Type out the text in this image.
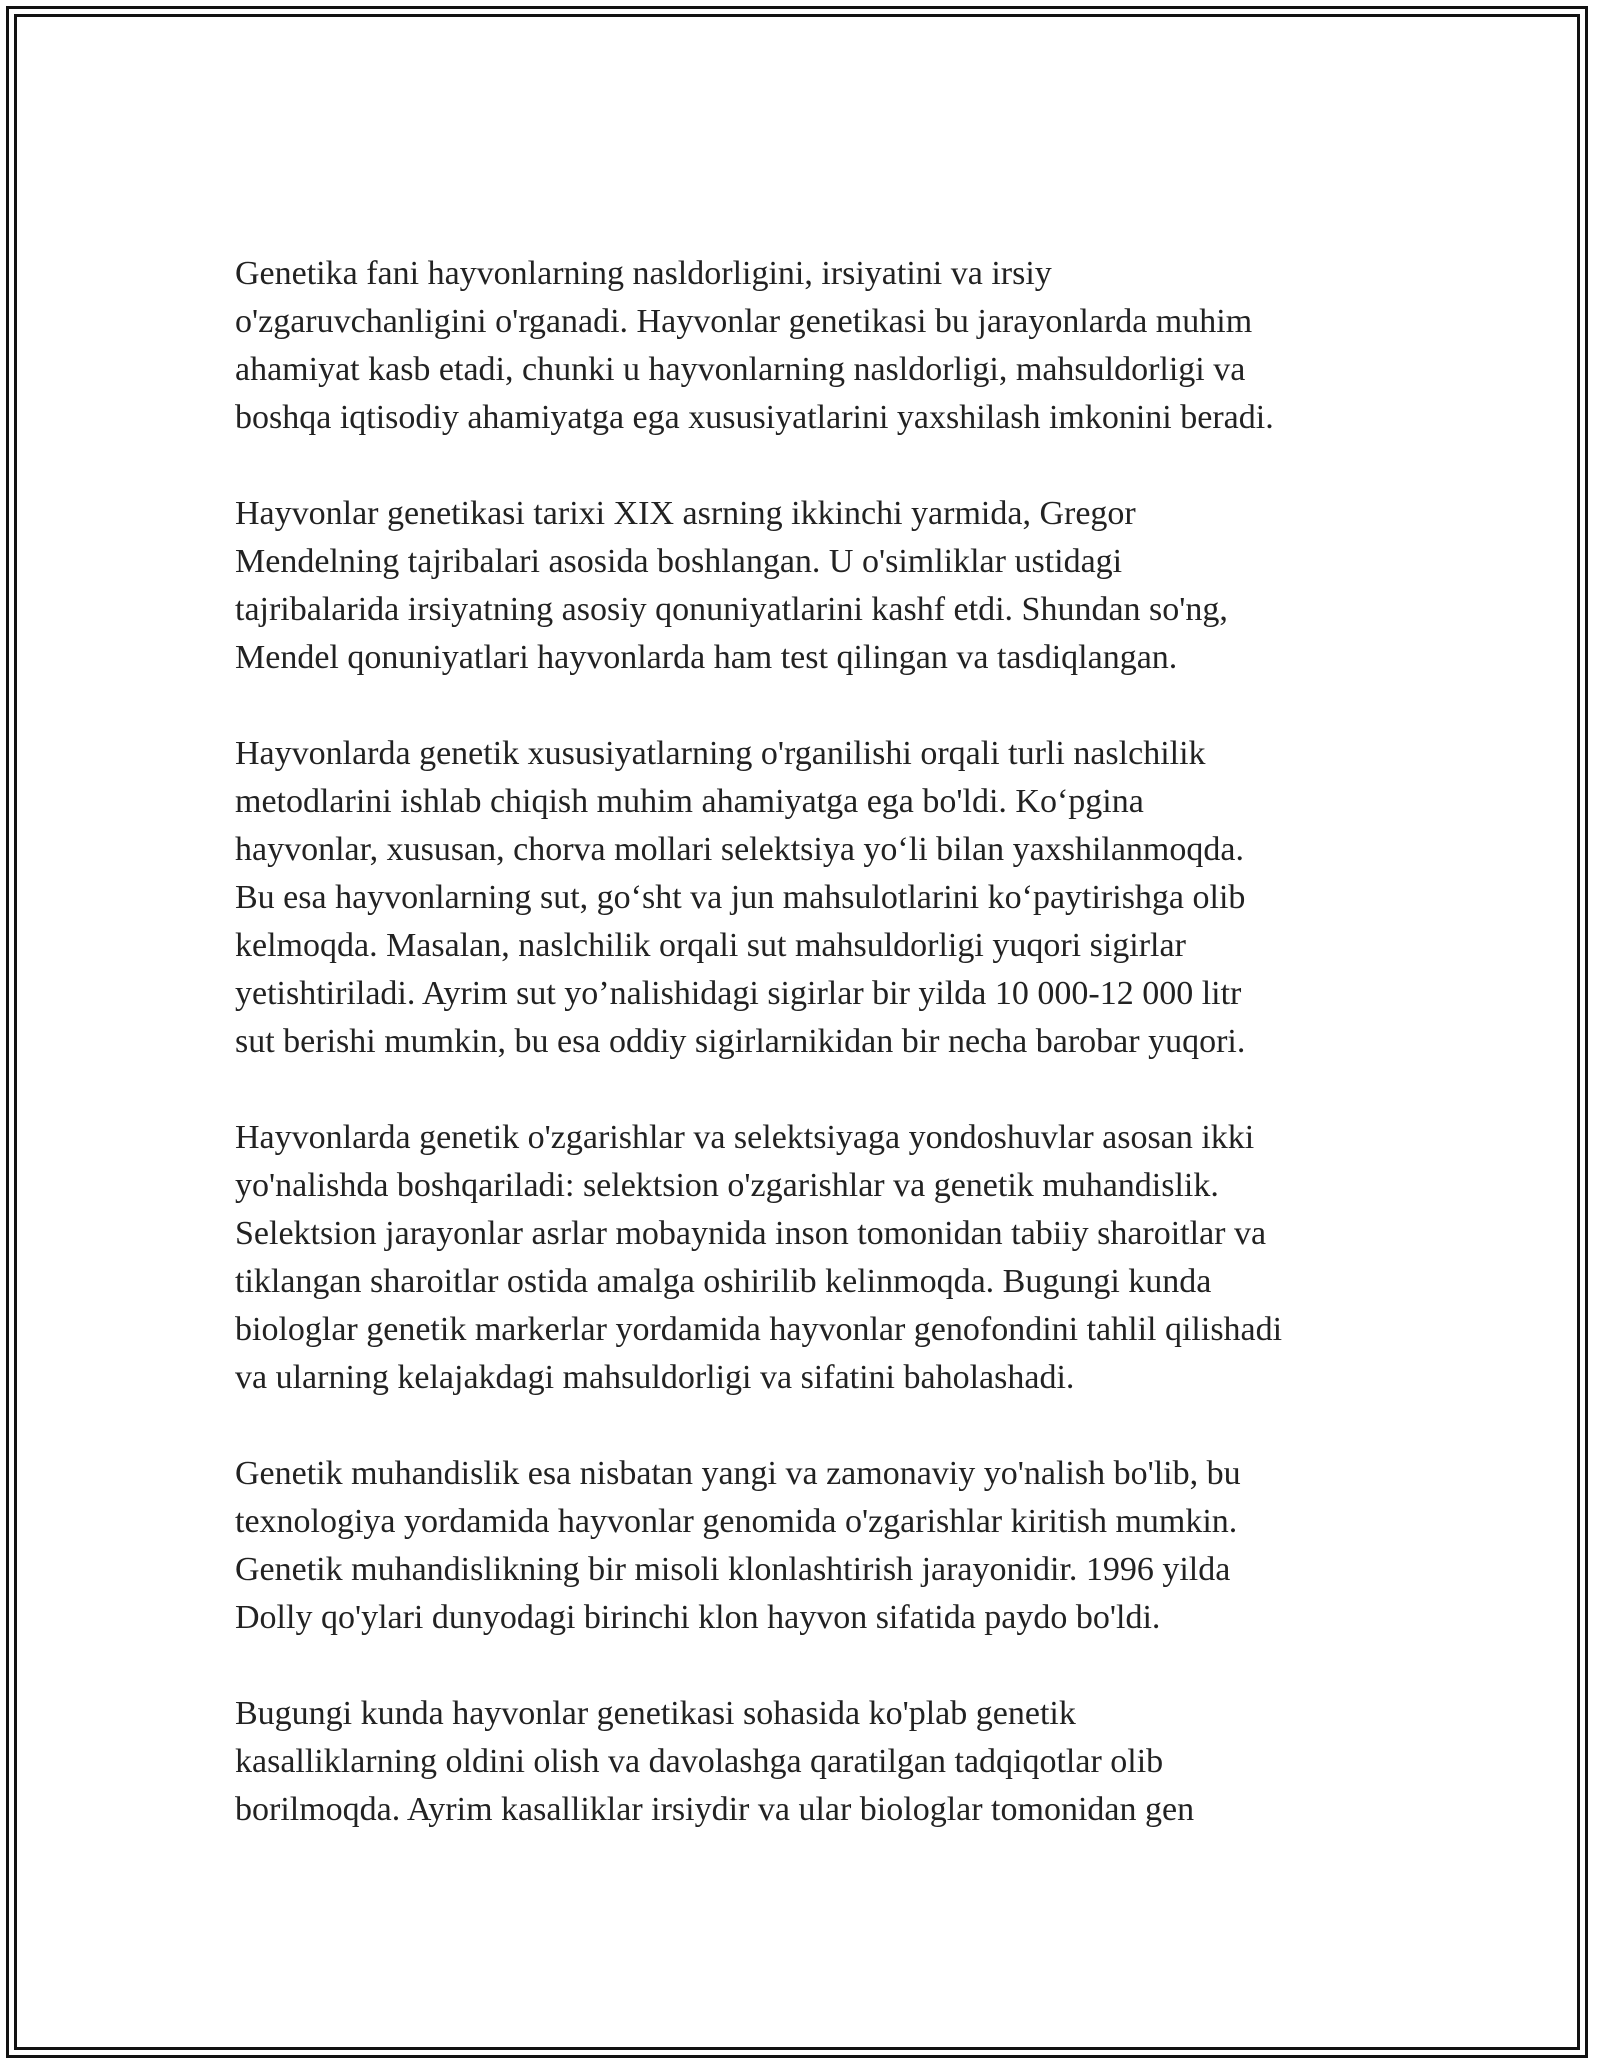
Genetika fani hayvonlarning nasldorligini, irsiyatini va irsiy
o'zgaruvchanligini o'rganadi. Hayvonlar genetikasi bu jarayonlarda muhim
ahamiyat kasb etadi, chunki u hayvonlarning nasldorligi, mahsuldorligi va
boshqa iqtisodiy ahamiyatga ega xususiyatlarini yaxshilash imkonini beradi.

Hayvonlar genetikasi tarixi XIX asrning ikkinchi yarmida, Gregor
Mendelning tajribalari asosida boshlangan. U o'simliklar ustidagi
tajribalarida irsiyatning asosiy qonuniyatlarini kashf etdi. Shundan so'ng,
Mendel qonuniyatlari hayvonlarda ham test qilingan va tasdiqlangan.

Hayvonlarda genetik xususiyatlarning o'rganilishi orqali turli naslchilik
metodlarini ishlab chiqish muhim ahamiyatga ega bo'ldi. Ko‘pgina
hayvonlar, xususan, chorva mollari selektsiya yo‘li bilan yaxshilanmoqda.
Bu esa hayvonlarning sut, go‘sht va jun mahsulotlarini ko‘paytirishga olib
kelmoqda. Masalan, naslchilik orqali sut mahsuldorligi yuqori sigirlar
yetishtiriladi. Ayrim sut yo’nalishidagi sigirlar bir yilda 10 000-12 000 litr
sut berishi mumkin, bu esa oddiy sigirlarnikidan bir necha barobar yuqori.

Hayvonlarda genetik o'zgarishlar va selektsiyaga yondoshuvlar asosan ikki
yo'nalishda boshqariladi: selektsion o'zgarishlar va genetik muhandislik.
Selektsion jarayonlar asrlar mobaynida inson tomonidan tabiiy sharoitlar va
tiklangan sharoitlar ostida amalga oshirilib kelinmoqda. Bugungi kunda
biologlar genetik markerlar yordamida hayvonlar genofondini tahlil qilishadi
va ularning kelajakdagi mahsuldorligi va sifatini baholashadi.

Genetik muhandislik esa nisbatan yangi va zamonaviy yo'nalish bo'lib, bu
texnologiya yordamida hayvonlar genomida o'zgarishlar kiritish mumkin.
Genetik muhandislikning bir misoli klonlashtirish jarayonidir. 1996 yilda
Dolly qo'ylari dunyodagi birinchi klon hayvon sifatida paydo bo'ldi.

Bugungi kunda hayvonlar genetikasi sohasida ko'plab genetik
kasalliklarning oldini olish va davolashga qaratilgan tadqiqotlar olib
borilmoqda. Ayrim kasalliklar irsiydir va ular biologlar tomonidan gen
